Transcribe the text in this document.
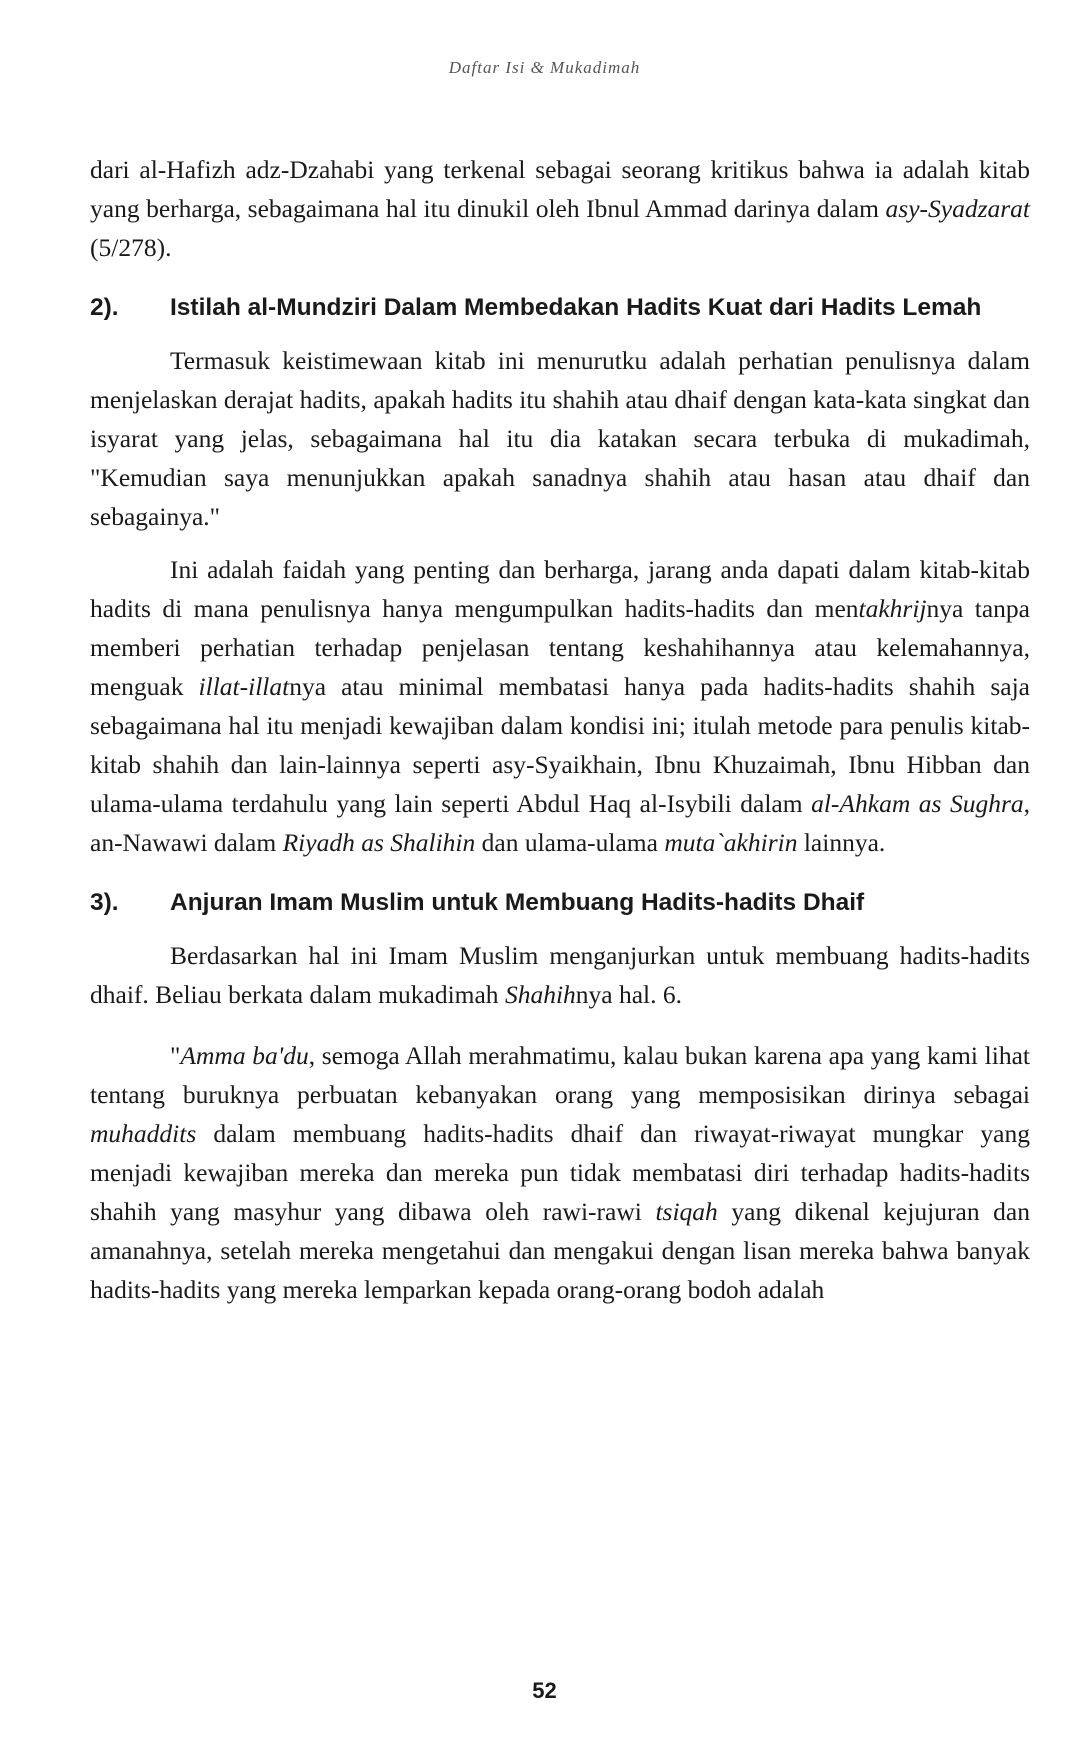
Daftar Isi & Mukadimah

dari al-Hafizh adz-Dzahabi yang terkenal sebagai seorang kritikus bahwa ia adalah kitab yang berharga, sebagaimana hal itu dinukil oleh Ibnul Ammad darinya dalam asy-Syadzarat (5/278).

2).	Istilah al-Mundziri Dalam Membedakan Hadits Kuat dari Hadits Lemah

Termasuk keistimewaan kitab ini menurutku adalah perhatian penulisnya dalam menjelaskan derajat hadits, apakah hadits itu shahih atau dhaif dengan kata-kata singkat dan isyarat yang jelas, sebagaimana hal itu dia katakan secara terbuka di mukadimah, "Kemudian saya menunjukkan apakah sanadnya shahih atau hasan atau dhaif dan sebagainya."

Ini adalah faidah yang penting dan berharga, jarang anda dapati dalam kitab-kitab hadits di mana penulisnya hanya mengumpulkan hadits-hadits dan mentakhrijnya tanpa memberi perhatian terhadap penjelasan tentang keshahihannya atau kelemahannya, menguak illat-illatnya atau minimal membatasi hanya pada hadits-hadits shahih saja sebagaimana hal itu menjadi kewajiban dalam kondisi ini; itulah metode para penulis kitab-kitab shahih dan lain-lainnya seperti asy-Syaikhain, Ibnu Khuzaimah, Ibnu Hibban dan ulama-ulama terdahulu yang lain seperti Abdul Haq al-Isybili dalam al-Ahkam as Sughra, an-Nawawi dalam Riyadh as Shalihin dan ulama-ulama muta`akhirin lainnya.

3).	Anjuran Imam Muslim untuk Membuang Hadits-hadits Dhaif

Berdasarkan hal ini Imam Muslim menganjurkan untuk membuang hadits-hadits dhaif. Beliau berkata dalam mukadimah Shahihnya hal. 6.

"Amma ba'du, semoga Allah merahmatimu, kalau bukan karena apa yang kami lihat tentang buruknya perbuatan kebanyakan orang yang memposisikan dirinya sebagai muhaddits dalam membuang hadits-hadits dhaif dan riwayat-riwayat mungkar yang menjadi kewajiban mereka dan mereka pun tidak membatasi diri terhadap hadits-hadits shahih yang masyhur yang dibawa oleh rawi-rawi tsiqah yang dikenal kejujuran dan amanahnya, setelah mereka mengetahui dan mengakui dengan lisan mereka bahwa banyak hadits-hadits yang mereka lemparkan kepada orang-orang bodoh adalah

52
